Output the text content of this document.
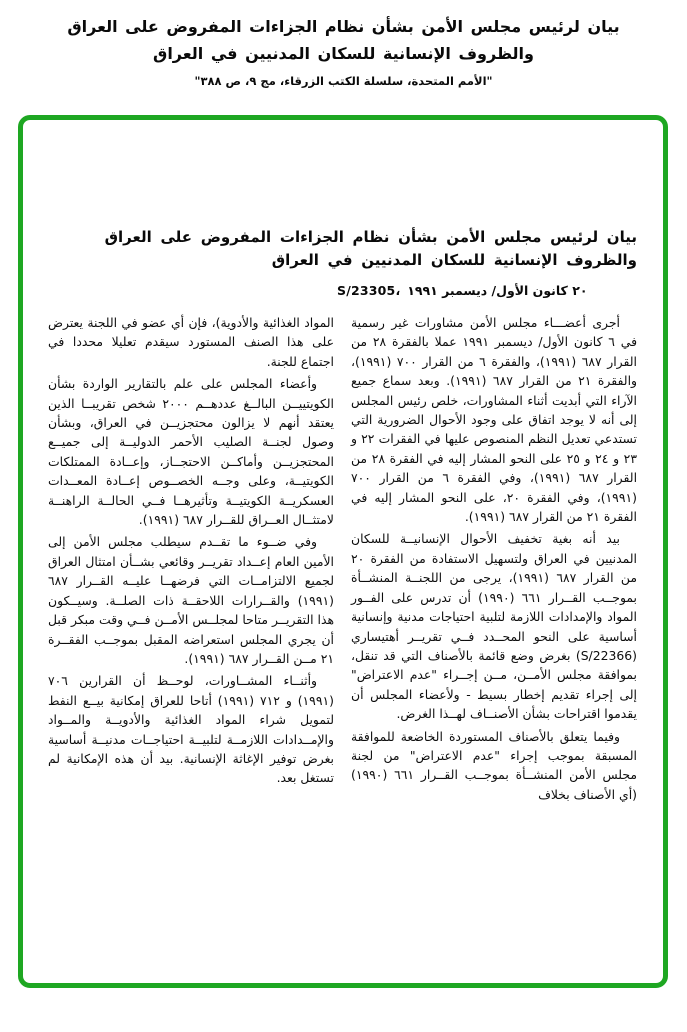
بيان لرئيس مجلس الأمن بشأن نظام الجزاءات المفروض على العراق
والظروف الإنسانية للسكان المدنيين في العراق
"الأمم المتحدة، سلسلة الكتب الزرقاء، مج ٩، ص ٣٨٨"
بيان لرئيس مجلس الأمن بشأن نظام الجزاءات المفروض على العراق
والظروف الإنسانية للسكان المدنيين في العراق
S/23305، ٢٠ كانون الأول/ ديسمبر ١٩٩١

أجرى أعضـــاء مجلس الأمن مشاورات غير رسمية في ٦ كانون الأول/ ديسمبر ١٩٩١ عملا بالفقرة ٢٨ من القرار ٦٨٧ (١٩٩١)، والفقرة ٦ من القرار ٧٠٠ (١٩٩١)، والفقرة ٢١ من القرار ٦٨٧ (١٩٩١). وبعد سماع جميع الآراء التي أبديت أثناء المشاورات، خلص رئيس المجلس إلى أنه لا يوجد اتفاق على وجود الأحوال الضرورية التي تستدعي تعديل النظم المنصوص عليها في الفقرات ٢٢ و ٢٣ و ٢٤ و ٢٥ على النحو المشار إليه في الفقرة ٢٨ من القرار ٦٨٧ (١٩٩١)، وفي الفقرة ٦ من القرار ٧٠٠ (١٩٩١)، وفي الفقرة ٢٠، على النحو المشار إليه في الفقرة ٢١ من القرار ٦٨٧ (١٩٩١).

بيد أنه بغية تخفيف الأحوال الإنسانيــة للسكان المدنيين في العراق ولتسهيل الاستفادة من الفقرة ٢٠ من القرار ٦٨٧ (١٩٩١)، يرجى من اللجنــة المنشــأة بموجــب القــرار ٦٦١ (١٩٩٠) أن تدرس على الفــور المواد والإمدادات اللازمة لتلبية احتياجات مدنية وإنسانية أساسية على النحو المحــدد فــي تقريــر أهتيساري (S/22366) بغرض وضع قائمة بالأصناف التي قد تنقل، بموافقة مجلس الأمــن، مــن إجــراء "عدم الاعتراض" إلى إجراء تقديم إخطار بسيط - ولأعضاء المجلس أن يقدموا اقتراحات بشأن الأصنــاف لهــذا الغرض.

وفيما يتعلق بالأصناف المستوردة الخاضعة للموافقة المسبقة بموجب إجراء "عدم الاعتراض" من لجنة مجلس الأمن المنشــأة بموجــب القــرار ٦٦١ (١٩٩٠) (أي الأصناف بخلاف

المواد الغذائية والأدوية)، فإن أي عضو في اللجنة يعترض على هذا الصنف المستورد سيقدم تعليلا محددا في اجتماع للجنة.

وأعضاء المجلس على علم بالتقارير الواردة بشأن الكويتييــن البالــغ عددهــم ٢٠٠٠ شخص تقريبــا الذين يعتقد أنهم لا يزالون محتجزيــن في العراق، وبشأن وصول لجنــة الصليب الأحمر الدوليــة إلى جميــع المحتجزيــن وأماكــن الاحتجــاز، وإعــادة الممتلكات الكويتيــة، وعلى وجــه الخصــوص إعــادة المعــدات العسكريــة الكويتيــة وتأثيرهــا فــي الحالــة الراهنــة لامتثــال العــراق للقــرار ٦٨٧ (١٩٩١).

وفي ضــوء ما تقــدم سيطلب مجلس الأمن إلى الأمين العام إعــداد تقريــر وقائعي بشــأن امتثال العراق لجميع الالتزامــات التي فرضهــا عليــه القــرار ٦٨٧ (١٩٩١) والقــرارات اللاحقــة ذات الصلــة. وسيــكون هذا التقريــر متاحا لمجلــس الأمــن فــي وقت مبكر قبل أن يجري المجلس استعراضه المقبل بموجــب الفقــرة ٢١ مــن القــرار ٦٨٧ (١٩٩١).

وأثنــاء المشــاورات، لوحــظ أن القرارين ٧٠٦ (١٩٩١) و ٧١٢ (١٩٩١) أتاحا للعراق إمكانية بيــع النفط لتمويل شراء المواد الغذائية والأدويــة والمــواد والإمــدادات اللازمــة لتلبيــة احتياجــات مدنيــة أساسية بغرض توفير الإغاثة الإنسانية. بيد أن هذه الإمكانية لم تستغل بعد.
